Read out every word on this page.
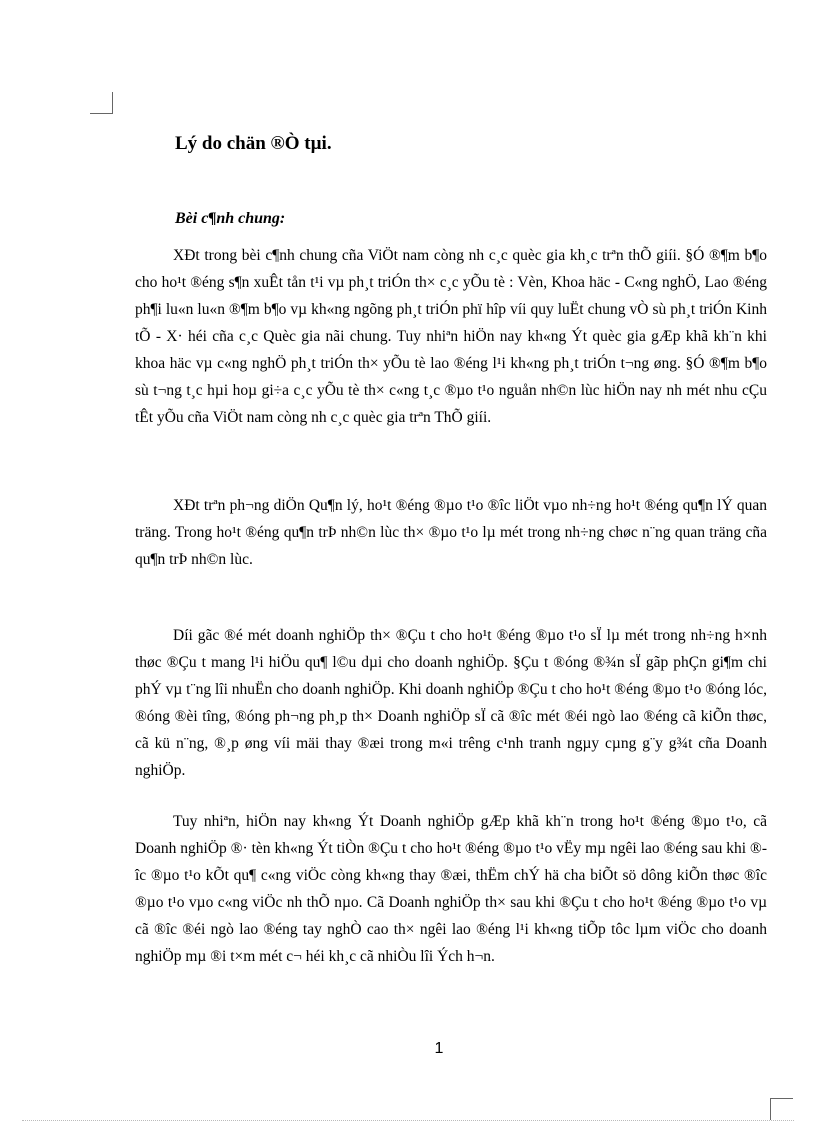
Lý do chän ®Ò tµi.
Bèi c¶nh chung:

XÐt trong bèi c¶nh chung cña ViÖt nam còng nh c¸c quèc gia kh¸c trªn thÕ giíi. §Ó ®¶m b¶o cho ho¹t ®éng s¶n xuÊt tån t¹i vµ ph¸t triÓn th× c¸c yÕu tè : Vèn, Khoa häc - C«ng nghÖ, Lao ®éng ph¶i lu«n lu«n ®¶m b¶o vµ kh«ng ngõng ph¸t triÓn phï hîp víi quy luËt chung vÒ sù ph¸t triÓn Kinh tÕ - X· héi cña c¸c Quèc gia nãi chung. Tuy nhiªn hiÖn nay kh«ng Ýt quèc gia gÆp khã kh¨n khi khoa häc vµ c«ng nghÖ ph¸t triÓn th× yÕu tè lao ®éng l¹i kh«ng ph¸t triÓn t¬ng øng. §Ó ®¶m b¶o sù t¬ng t¸c hµi hoµ gi÷a c¸c yÕu tè th× c«ng t¸c ®µo t¹o nguån nh©n lùc hiÖn nay nh mét nhu cÇu tÊt yÕu cña ViÖt nam còng nh c¸c quèc gia trªn ThÕ giíi.

XÐt trªn ph¬ng diÖn Qu¶n lý, ho¹t ®éng ®µo t¹o ®îc liÖt vµo nh÷ng ho¹t ®éng qu¶n lÝ quan träng. Trong ho¹t ®éng qu¶n trÞ nh©n lùc th× ®µo t¹o lµ mét trong nh÷ng chøc n¨ng quan träng cña qu¶n trÞ nh©n lùc.

Díi gãc ®é mét doanh nghiÖp th× ®Çu t cho ho¹t ®éng ®µo t¹o sÏ lµ mét trong nh÷ng h×nh thøc ®Çu t mang l¹i hiÖu qu¶ l©u dµi cho doanh nghiÖp. §Çu t ®óng ®¾n sÏ gãp phÇn gi¶m chi phÝ vµ t¨ng lîi nhuËn cho doanh nghiÖp. Khi doanh nghiÖp ®Çu t cho ho¹t ®éng ®µo t¹o ®óng lóc, ®óng ®èi tîng, ®óng ph¬ng ph¸p th× Doanh nghiÖp sÏ cã ®îc mét ®éi ngò lao ®éng cã kiÕn thøc, cã kü n¨ng, ®¸p øng víi mäi thay ®æi trong m«i trêng c¹nh tranh ngµy cµng g¨y g¾t cña Doanh nghiÖp.

Tuy nhiªn, hiÖn nay kh«ng Ýt Doanh nghiÖp gÆp khã kh¨n trong ho¹t ®éng ®µo t¹o, cã Doanh nghiÖp ®· tèn kh«ng Ýt tiÒn ®Çu t cho ho¹t ®éng ®µo t¹o vËy mµ ngêi lao ®éng sau khi ®îc ®µo t¹o kÕt qu¶ c«ng viÖc còng kh«ng thay ®æi, thËm chÝ hä cha biÕt sö dông kiÕn thøc ®îc ®µo t¹o vµo c«ng viÖc nh thÕ nµo. Cã Doanh nghiÖp th× sau khi ®Çu t cho ho¹t ®éng ®µo t¹o vµ cã ®îc ®éi ngò lao ®éng tay nghÒ cao th× ngêi lao ®éng l¹i kh«ng tiÕp tôc lµm viÖc cho doanh nghiÖp mµ ®i t×m mét c¬ héi kh¸c cã nhiÒu lîi Ých h¬n.

1
